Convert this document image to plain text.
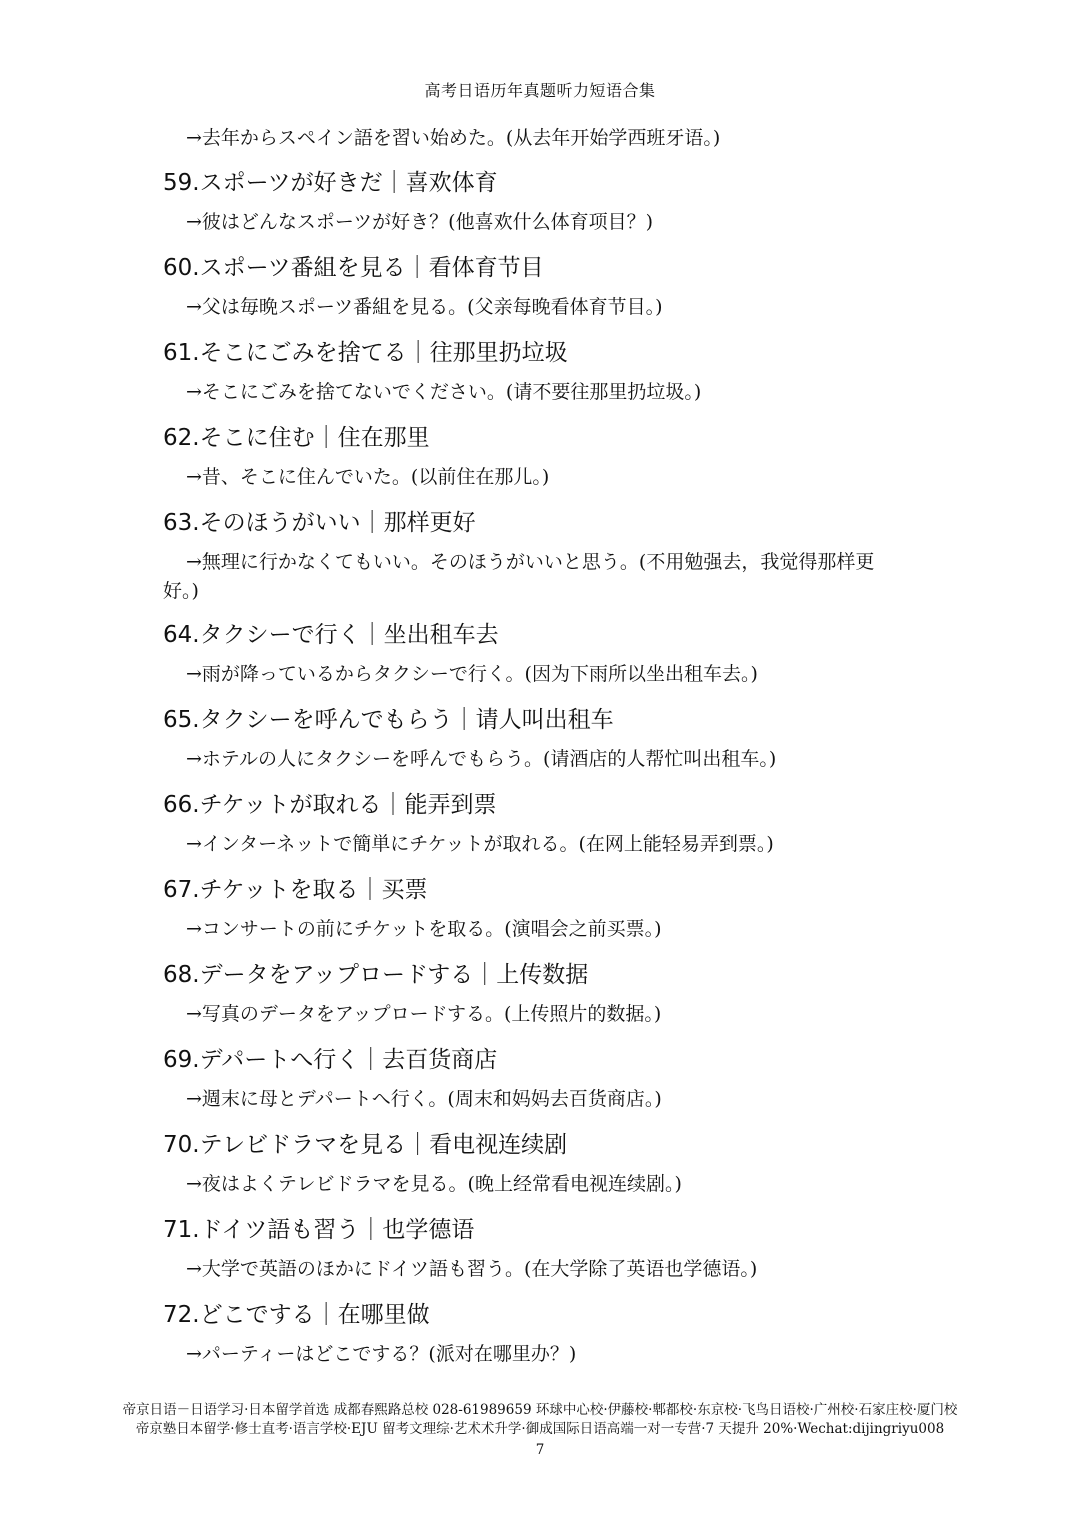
高考日语历年真题听力短语合集
→去年からスペイン語を習い始めた。(从去年开始学西班牙语。)
59.スポーツが好きだ｜喜欢体育
→彼はどんなスポーツが好き？(他喜欢什么体育项目？)
60.スポーツ番組を見る｜看体育节目
→父は毎晩スポーツ番組を見る。(父亲每晚看体育节目。)
61.そこにごみを捨てる｜往那里扔垃圾
→そこにごみを捨てないでください。(请不要往那里扔垃圾。)
62.そこに住む｜住在那里
→昔、そこに住んでいた。(以前住在那儿。)
63.そのほうがいい｜那样更好
→無理に行かなくてもいい。そのほうがいいと思う。(不用勉强去，我觉得那样更好。)
64.タクシーで行く｜坐出租车去
→雨が降っているからタクシーで行く。(因为下雨所以坐出租车去。)
65.タクシーを呼んでもらう｜请人叫出租车
→ホテルの人にタクシーを呼んでもらう。(请酒店的人帮忙叫出租车。)
66.チケットが取れる｜能弄到票
→インターネットで簡単にチケットが取れる。(在网上能轻易弄到票。)
67.チケットを取る｜买票
→コンサートの前にチケットを取る。(演唱会之前买票。)
68.データをアップロードする｜上传数据
→写真のデータをアップロードする。(上传照片的数据。)
69.デパートへ行く｜去百货商店
→週末に母とデパートへ行く。(周末和妈妈去百货商店。)
70.テレビドラマを見る｜看电视连续剧
→夜はよくテレビドラマを見る。(晚上经常看电视连续剧。)
71.ドイツ語も習う｜也学德语
→大学で英語のほかにドイツ語も習う。(在大学除了英语也学德语。)
72.どこでする｜在哪里做
→パーティーはどこでする？(派对在哪里办？)
帝京日语－日语学习·日本留学首选 成都春熙路总校 028-61989659 环球中心校·伊藤校·郫都校·东京校·飞鸟日语校·广州校·石家庄校·厦门校
帝京塾日本留学·修士直考·语言学校·EJU 留考文理综·艺术术升学·御成国际日语高端一对一专营·7 天提升 20%·Wechat:dijingriyu008
7
